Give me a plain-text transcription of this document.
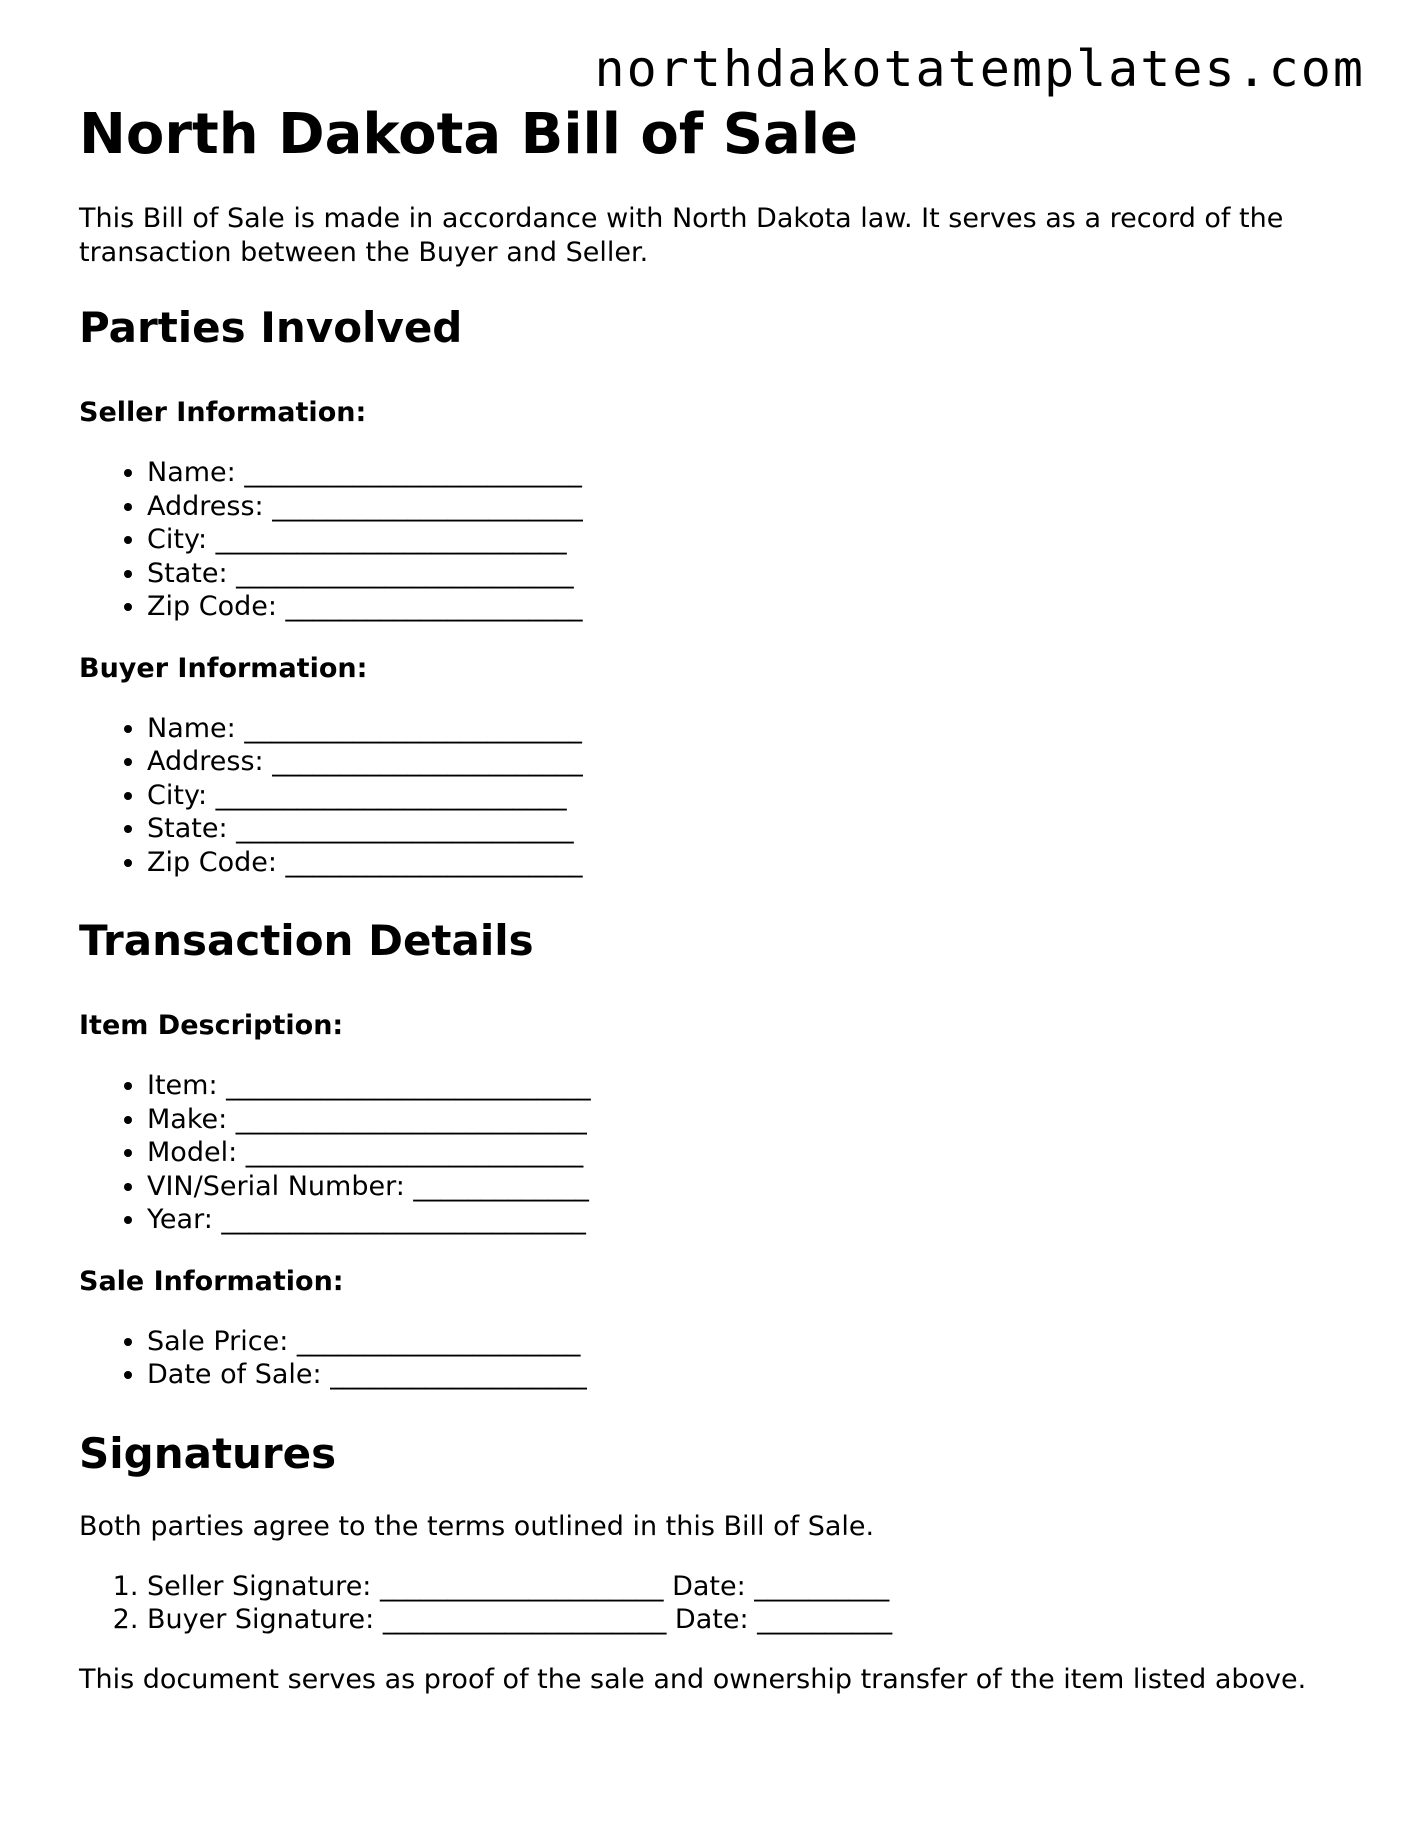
northdakotatemplates.com
North Dakota Bill of Sale

This Bill of Sale is made in accordance with North Dakota law. It serves as a record of the transaction between the Buyer and Seller.

Parties Involved
Seller Information:
• Name: _________________________
• Address: _______________________
• City: __________________________
• State: _________________________
• Zip Code: ______________________
Buyer Information:
• Name: _________________________
• Address: _______________________
• City: __________________________
• State: _________________________
• Zip Code: ______________________
Transaction Details
Item Description:
• Item: ___________________________
• Make: __________________________
• Model: _________________________
• VIN/Serial Number: _____________
• Year: ___________________________
Sale Information:
• Sale Price: _____________________
• Date of Sale: ___________________
Signatures

Both parties agree to the terms outlined in this Bill of Sale.

1. Seller Signature: _____________________ Date: __________
2. Buyer Signature: _____________________ Date: __________

This document serves as proof of the sale and ownership transfer of the item listed above.
